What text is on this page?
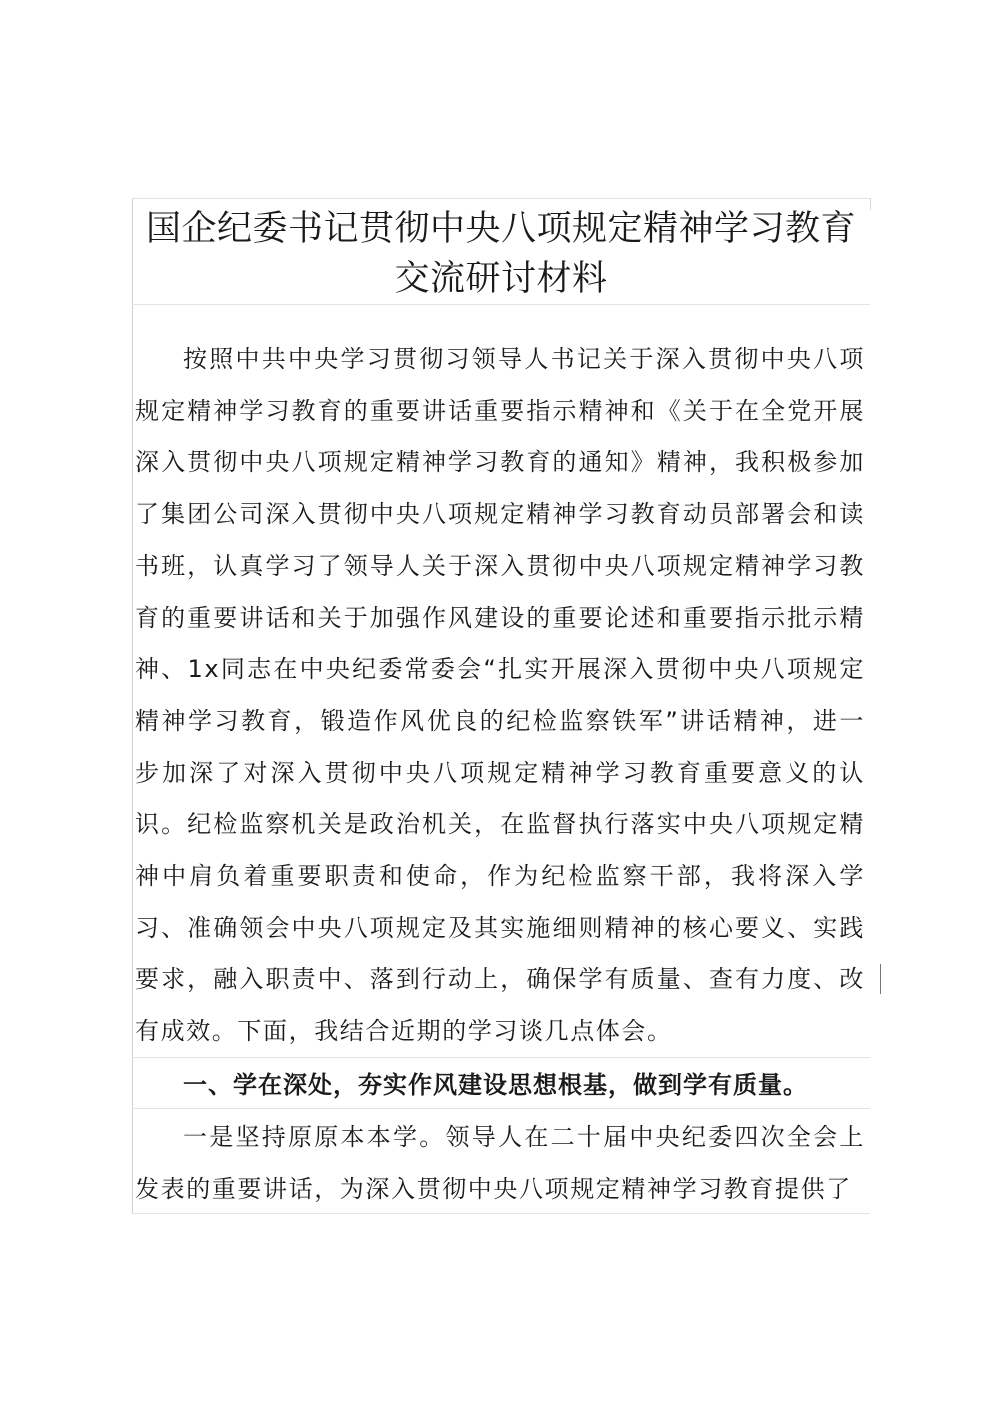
国企纪委书记贯彻中央八项规定精神学习教育
交流研讨材料

按照中共中央学习贯彻习领导人书记关于深入贯彻中央八项规定精神学习教育的重要讲话重要指示精神和《关于在全党开展深入贯彻中央八项规定精神学习教育的通知》精神，我积极参加了集团公司深入贯彻中央八项规定精神学习教育动员部署会和读书班，认真学习了领导人关于深入贯彻中央八项规定精神学习教育的重要讲话和关于加强作风建设的重要论述和重要指示批示精神、1x同志在中央纪委常委会“扎实开展深入贯彻中央八项规定精神学习教育，锻造作风优良的纪检监察铁军”讲话精神，进一步加深了对深入贯彻中央八项规定精神学习教育重要意义的认识。纪检监察机关是政治机关，在监督执行落实中央八项规定精神中肩负着重要职责和使命，作为纪检监察干部，我将深入学习、准确领会中央八项规定及其实施细则精神的核心要义、实践要求，融入职责中、落到行动上，确保学有质量、查有力度、改有成效。下面，我结合近期的学习谈几点体会。

一、学在深处，夯实作风建设思想根基，做到学有质量。

一是坚持原原本本学。领导人在二十届中央纪委四次全会上发表的重要讲话，为深入贯彻中央八项规定精神学习教育提供了
